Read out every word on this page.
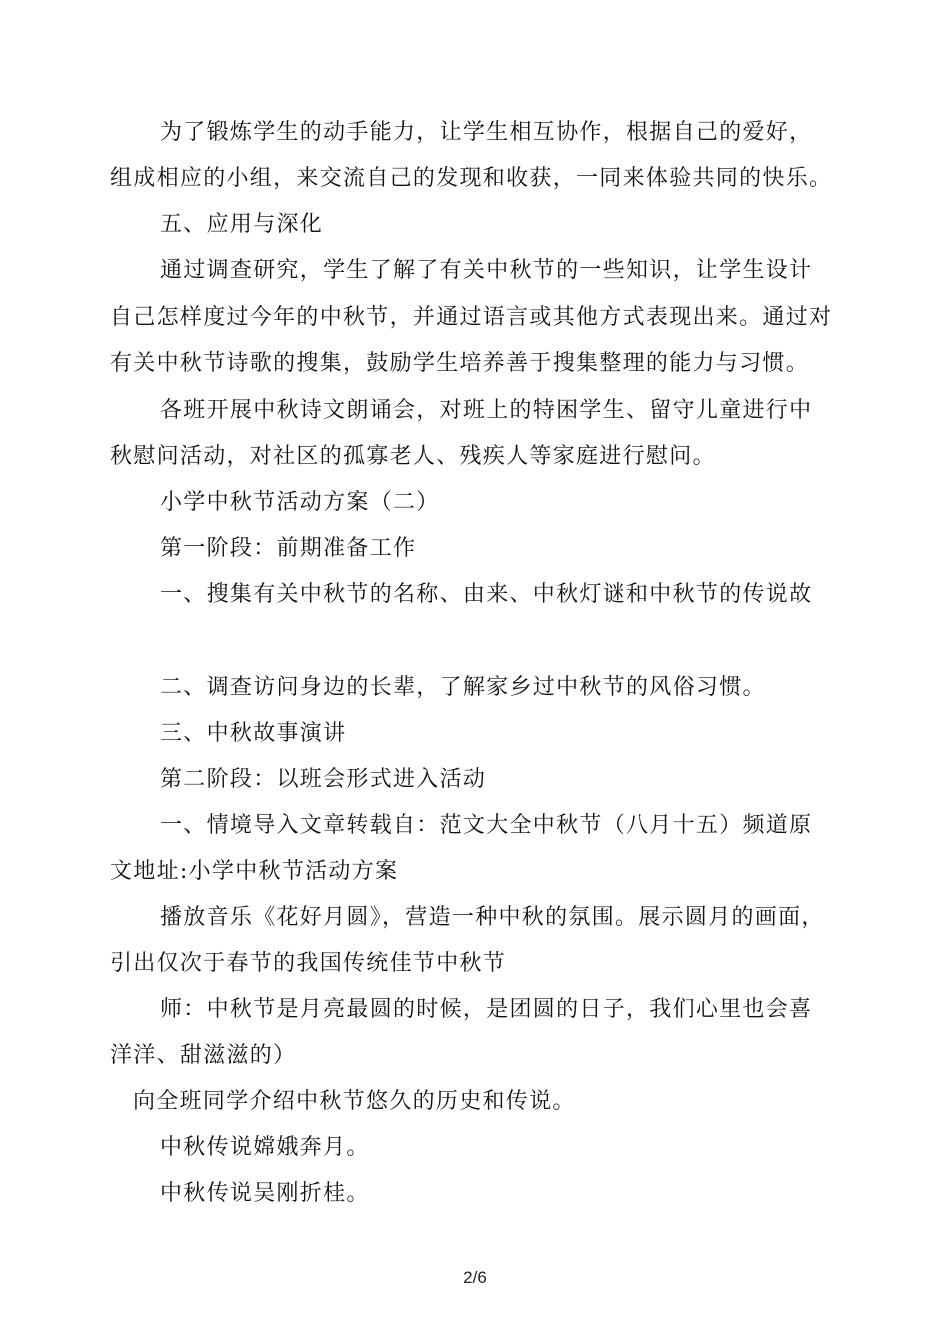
为了锻炼学生的动手能力，让学生相互协作，根据自己的爱好，
组成相应的小组，来交流自己的发现和收获，一同来体验共同的快乐。
五、应用与深化
通过调查研究，学生了解了有关中秋节的一些知识，让学生设计
自己怎样度过今年的中秋节，并通过语言或其他方式表现出来。通过对
有关中秋节诗歌的搜集，鼓励学生培养善于搜集整理的能力与习惯。
各班开展中秋诗文朗诵会，对班上的特困学生、留守儿童进行中
秋慰问活动，对社区的孤寡老人、残疾人等家庭进行慰问。
小学中秋节活动方案（二）
第一阶段：前期准备工作
一、搜集有关中秋节的名称、由来、中秋灯谜和中秋节的传说故
二、调查访问身边的长辈，了解家乡过中秋节的风俗习惯。
三、中秋故事演讲
第二阶段：以班会形式进入活动
一、情境导入文章转载自：范文大全中秋节（八月十五）频道原
文地址:小学中秋节活动方案
播放音乐《花好月圆》，营造一种中秋的氛围。展示圆月的画面，
引出仅次于春节的我国传统佳节中秋节
师：中秋节是月亮最圆的时候，是团圆的日子，我们心里也会喜
洋洋、甜滋滋的）
向全班同学介绍中秋节悠久的历史和传说。
中秋传说嫦娥奔月。
中秋传说吴刚折桂。
2/6
